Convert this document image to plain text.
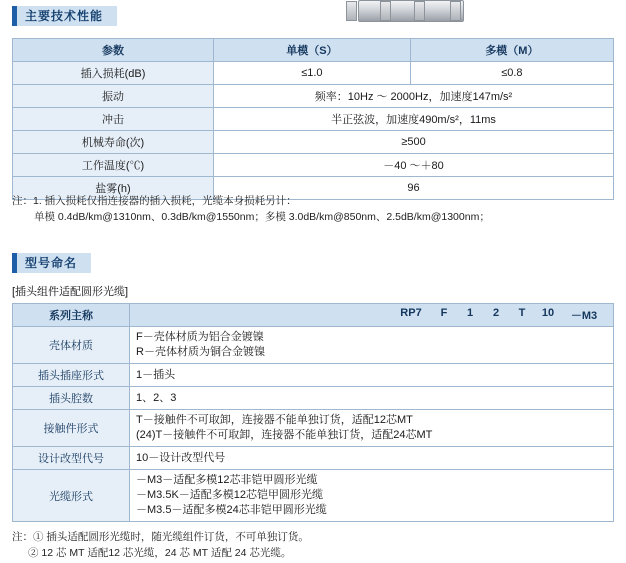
主要技术性能
参数	单模（S）	多模（M）
插入损耗(dB)	≤1.0	≤0.8
振动	频率：10Hz ～ 2000Hz，加速度147m/s²	
冲击	半正弦波，加速度490m/s²，11ms	
机械寿命(次)	≥500	
工作温度(℃)	－40 ～＋80	
盐雾(h)	96	
注：1. 插入损耗仅指连接器的插入损耗，光缆本身损耗另计：
单模 0.4dB/km@1310nm、0.3dB/km@1550nm；多模 3.0dB/km@850nm、2.5dB/km@1300nm；
型号命名
[插头组件适配圆形光缆]
系列主称	RP7	F	1	2	T	10	－M3

壳体材质	F－壳体材质为铝合金镀镍
R－壳体材质为铜合金镀镍

插头插座形式	1－插头

插头腔数	1、2、3

接触件形式	T－接触件不可取卸，连接器不能单独订货，适配12芯MT
(24)T－接触件不可取卸，连接器不能单独订货，适配24芯MT

设计改型代号	10－设计改型代号

光缆形式	－M3－适配多模12芯非铠甲圆形光缆
－M3.5K－适配多模12芯铠甲圆形光缆
－M3.5－适配多模24芯非铠甲圆形光缆
注：① 插头适配圆形光缆时，随光缆组件订货，不可单独订货。
② 12 芯 MT 适配12 芯光缆，24 芯 MT 适配 24 芯光缆。
